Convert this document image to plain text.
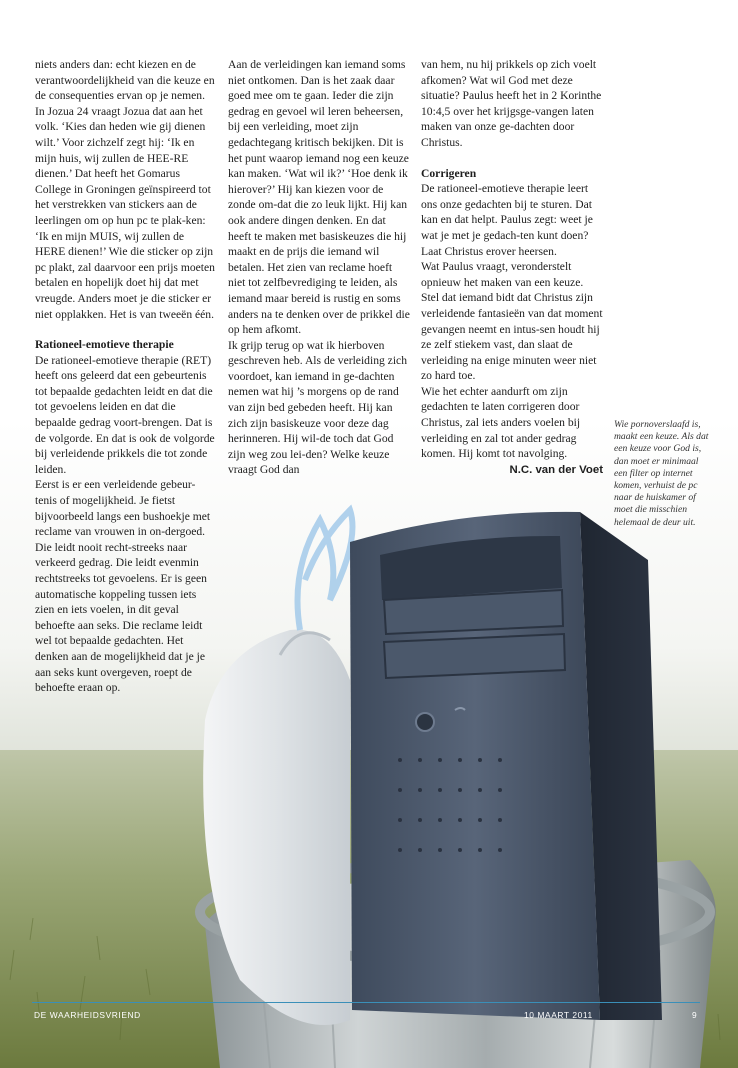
niets anders dan: echt kiezen en de verantwoordelijkheid van die keuze en de consequenties ervan op je nemen. In Jozua 24 vraagt Jozua dat aan het volk. ‘Kies dan heden wie gij dienen wilt.’ Voor zichzelf zegt hij: ‘Ik en mijn huis, wij zullen de HEE-RE dienen.’ Dat heeft het Gomarus College in Groningen geïnspireerd tot het verstrekken van stickers aan de leerlingen om op hun pc te plak-ken: ‘Ik en mijn MUIS, wij zullen de HERE dienen!’ Wie die sticker op zijn pc plakt, zal daarvoor een prijs moeten betalen en hopelijk doet hij dat met vreugde. Anders moet je die sticker er niet opplakken. Het is van tweeën één.

Rationeel-emotieve therapie

De rationeel-emotieve therapie (RET) heeft ons geleerd dat een gebeurtenis tot bepaalde gedachten leidt en dat die tot gevoelens leiden en dat die bepaalde gedrag voort-brengen. Dat is de volgorde. En dat is ook de volgorde bij verleidende prikkels die tot zonde leiden.

Eerst is er een verleidende gebeur-tenis of mogelijkheid. Je fietst bijvoorbeeld langs een bushoekje met reclame van vrouwen in on-dergoed. Die leidt nooit recht-streeks naar verkeerd gedrag. Die leidt evenmin rechtstreeks tot gevoelens. Er is geen automatische koppeling tussen iets zien en iets voelen, in dit geval behoefte aan seks. Die reclame leidt wel tot bepaalde gedachten. Het denken aan de mogelijkheid dat je je aan seks kunt overgeven, roept de behoefte eraan op.

Aan de verleidingen kan iemand soms niet ontkomen. Dan is het zaak daar goed mee om te gaan. Ieder die zijn gedrag en gevoel wil leren beheersen, bij een verleiding, moet zijn gedachtegang kritisch bekijken. Dit is het punt waarop iemand nog een keuze kan maken. ‘Wat wil ik?’ ‘Hoe denk ik hierover?’ Hij kan kiezen voor de zonde om-dat die zo leuk lijkt. Hij kan ook andere dingen denken. En dat heeft te maken met basiskeuzes die hij maakt en de prijs die iemand wil betalen. Het zien van reclame hoeft niet tot zelfbevrediging te leiden, als iemand maar bereid is rustig en soms anders na te denken over de prikkel die op hem afkomt.

Ik grijp terug op wat ik hierboven geschreven heb. Als de verleiding zich voordoet, kan iemand in ge-dachten nemen wat hij ’s morgens op de rand van zijn bed gebeden heeft. Hij kan zich zijn basiskeuze voor deze dag herinneren. Hij wil-de toch dat God zijn weg zou lei-den? Welke keuze vraagt God dan

van hem, nu hij prikkels op zich voelt afkomen? Wat wil God met deze situatie? Paulus heeft het in 2 Korinthe 10:4,5 over het krijgsge-vangen laten maken van onze ge-dachten door Christus.

Corrigeren

De rationeel-emotieve therapie leert ons onze gedachten bij te sturen. Dat kan en dat helpt. Paulus zegt: weet je wat je met je gedach-ten kunt doen? Laat Christus erover heersen.

Wat Paulus vraagt, veronderstelt opnieuw het maken van een keuze. Stel dat iemand bidt dat Christus zijn verleidende fantasieën van dat moment gevangen neemt en intus-sen houdt hij ze zelf stiekem vast, dan slaat de verleiding na enige minuten weer niet zo hard toe.

Wie het echter aandurft om zijn gedachten te laten corrigeren door Christus, zal iets anders voelen bij verleiding en zal tot ander gedrag komen. Hij komt tot navolging.

N.C. van der Voet
Wie pornoverslaafd is, maakt een keuze. Als dat een keuze voor God is, dan moet er minimaal een filter op internet komen, verhuist de pc naar de huiskamer of moet die misschien helemaal de deur uit.
DE WAARHEIDSVRIEND	10 MAART 2011	9
